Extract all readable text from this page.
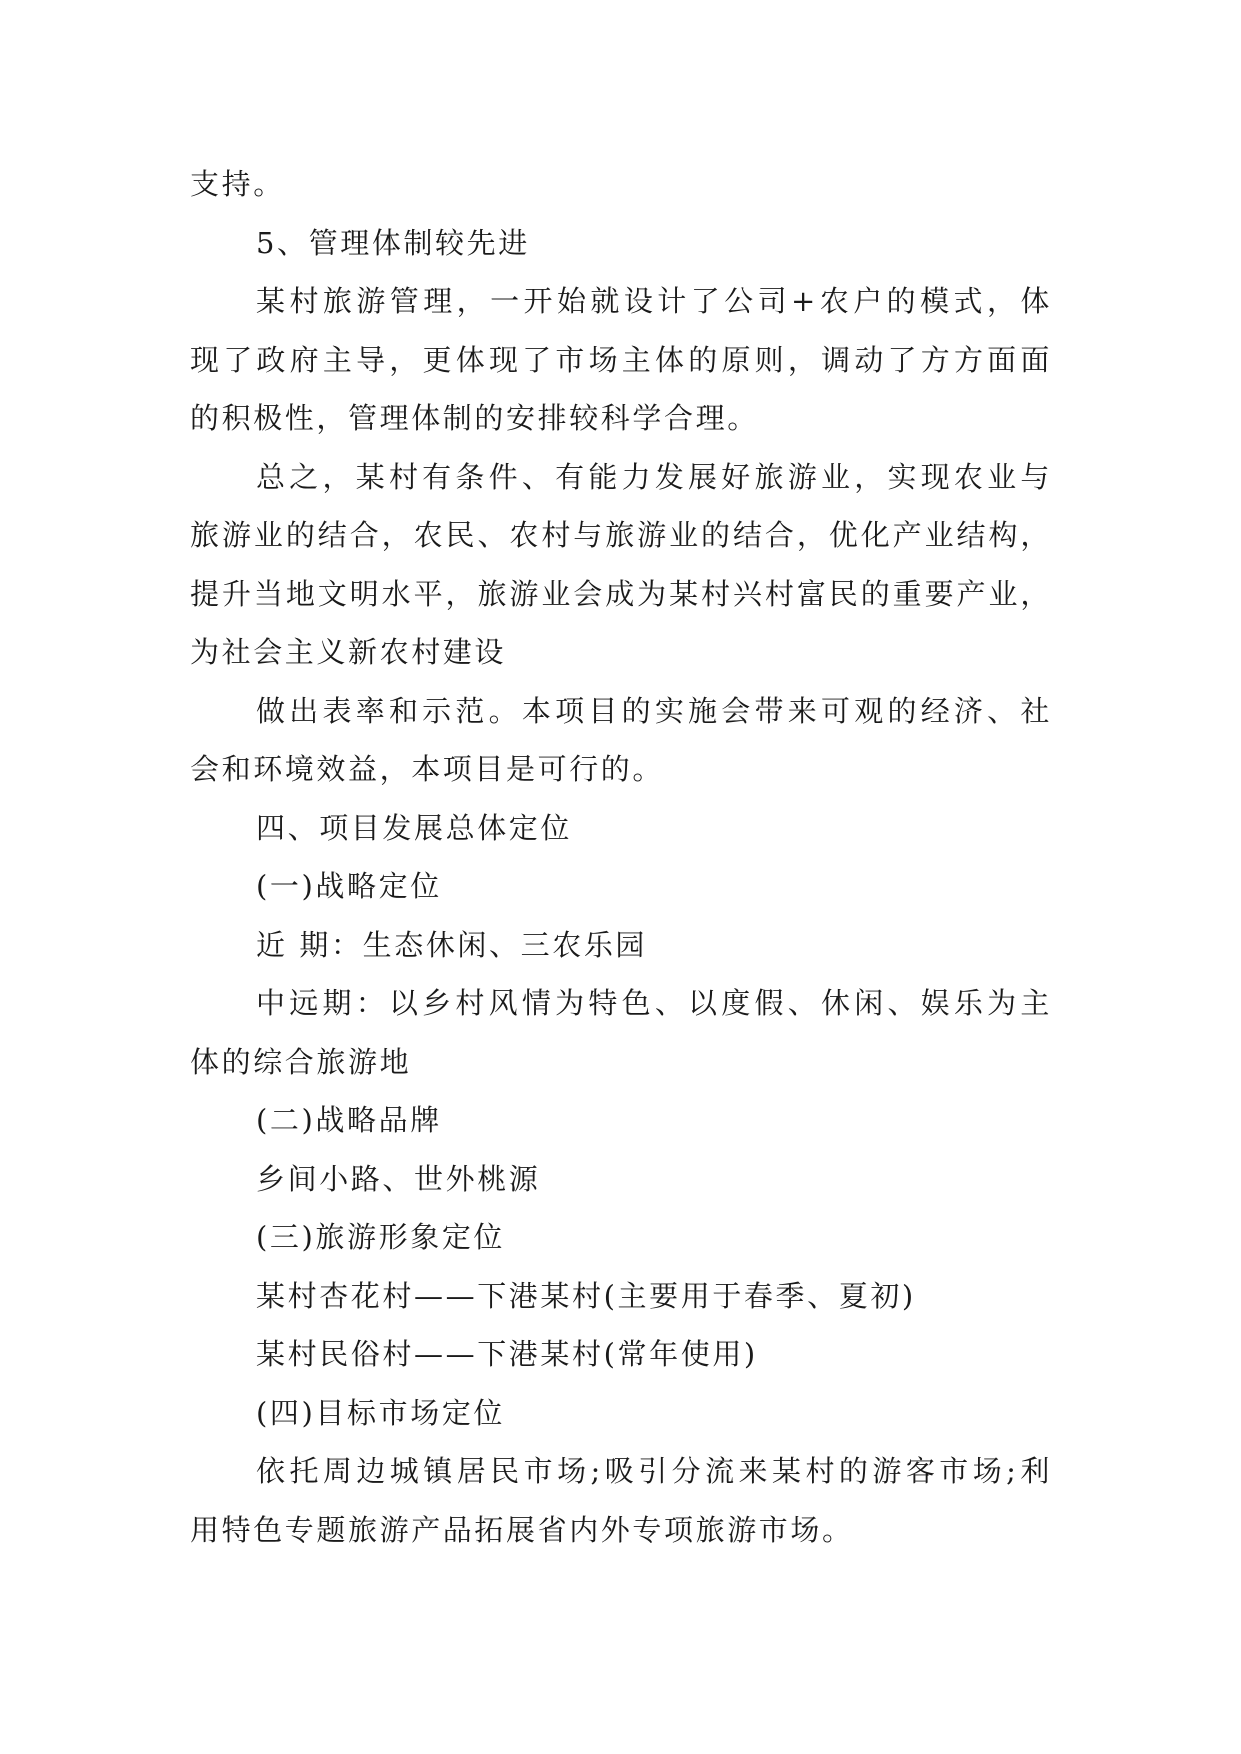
支持。
5、管理体制较先进
某村旅游管理，一开始就设计了公司+农户的模式，体
现了政府主导，更体现了市场主体的原则，调动了方方面面
的积极性，管理体制的安排较科学合理。
总之，某村有条件、有能力发展好旅游业，实现农业与
旅游业的结合，农民、农村与旅游业的结合，优化产业结构，
提升当地文明水平，旅游业会成为某村兴村富民的重要产业，
为社会主义新农村建设
做出表率和示范。本项目的实施会带来可观的经济、社
会和环境效益，本项目是可行的。
四、项目发展总体定位
(一)战略定位
近 期：生态休闲、三农乐园
中远期：以乡村风情为特色、以度假、休闲、娱乐为主
体的综合旅游地
(二)战略品牌
乡间小路、世外桃源
(三)旅游形象定位
某村杏花村——下港某村(主要用于春季、夏初)
某村民俗村——下港某村(常年使用)
(四)目标市场定位
依托周边城镇居民市场;吸引分流来某村的游客市场;利
用特色专题旅游产品拓展省内外专项旅游市场。
